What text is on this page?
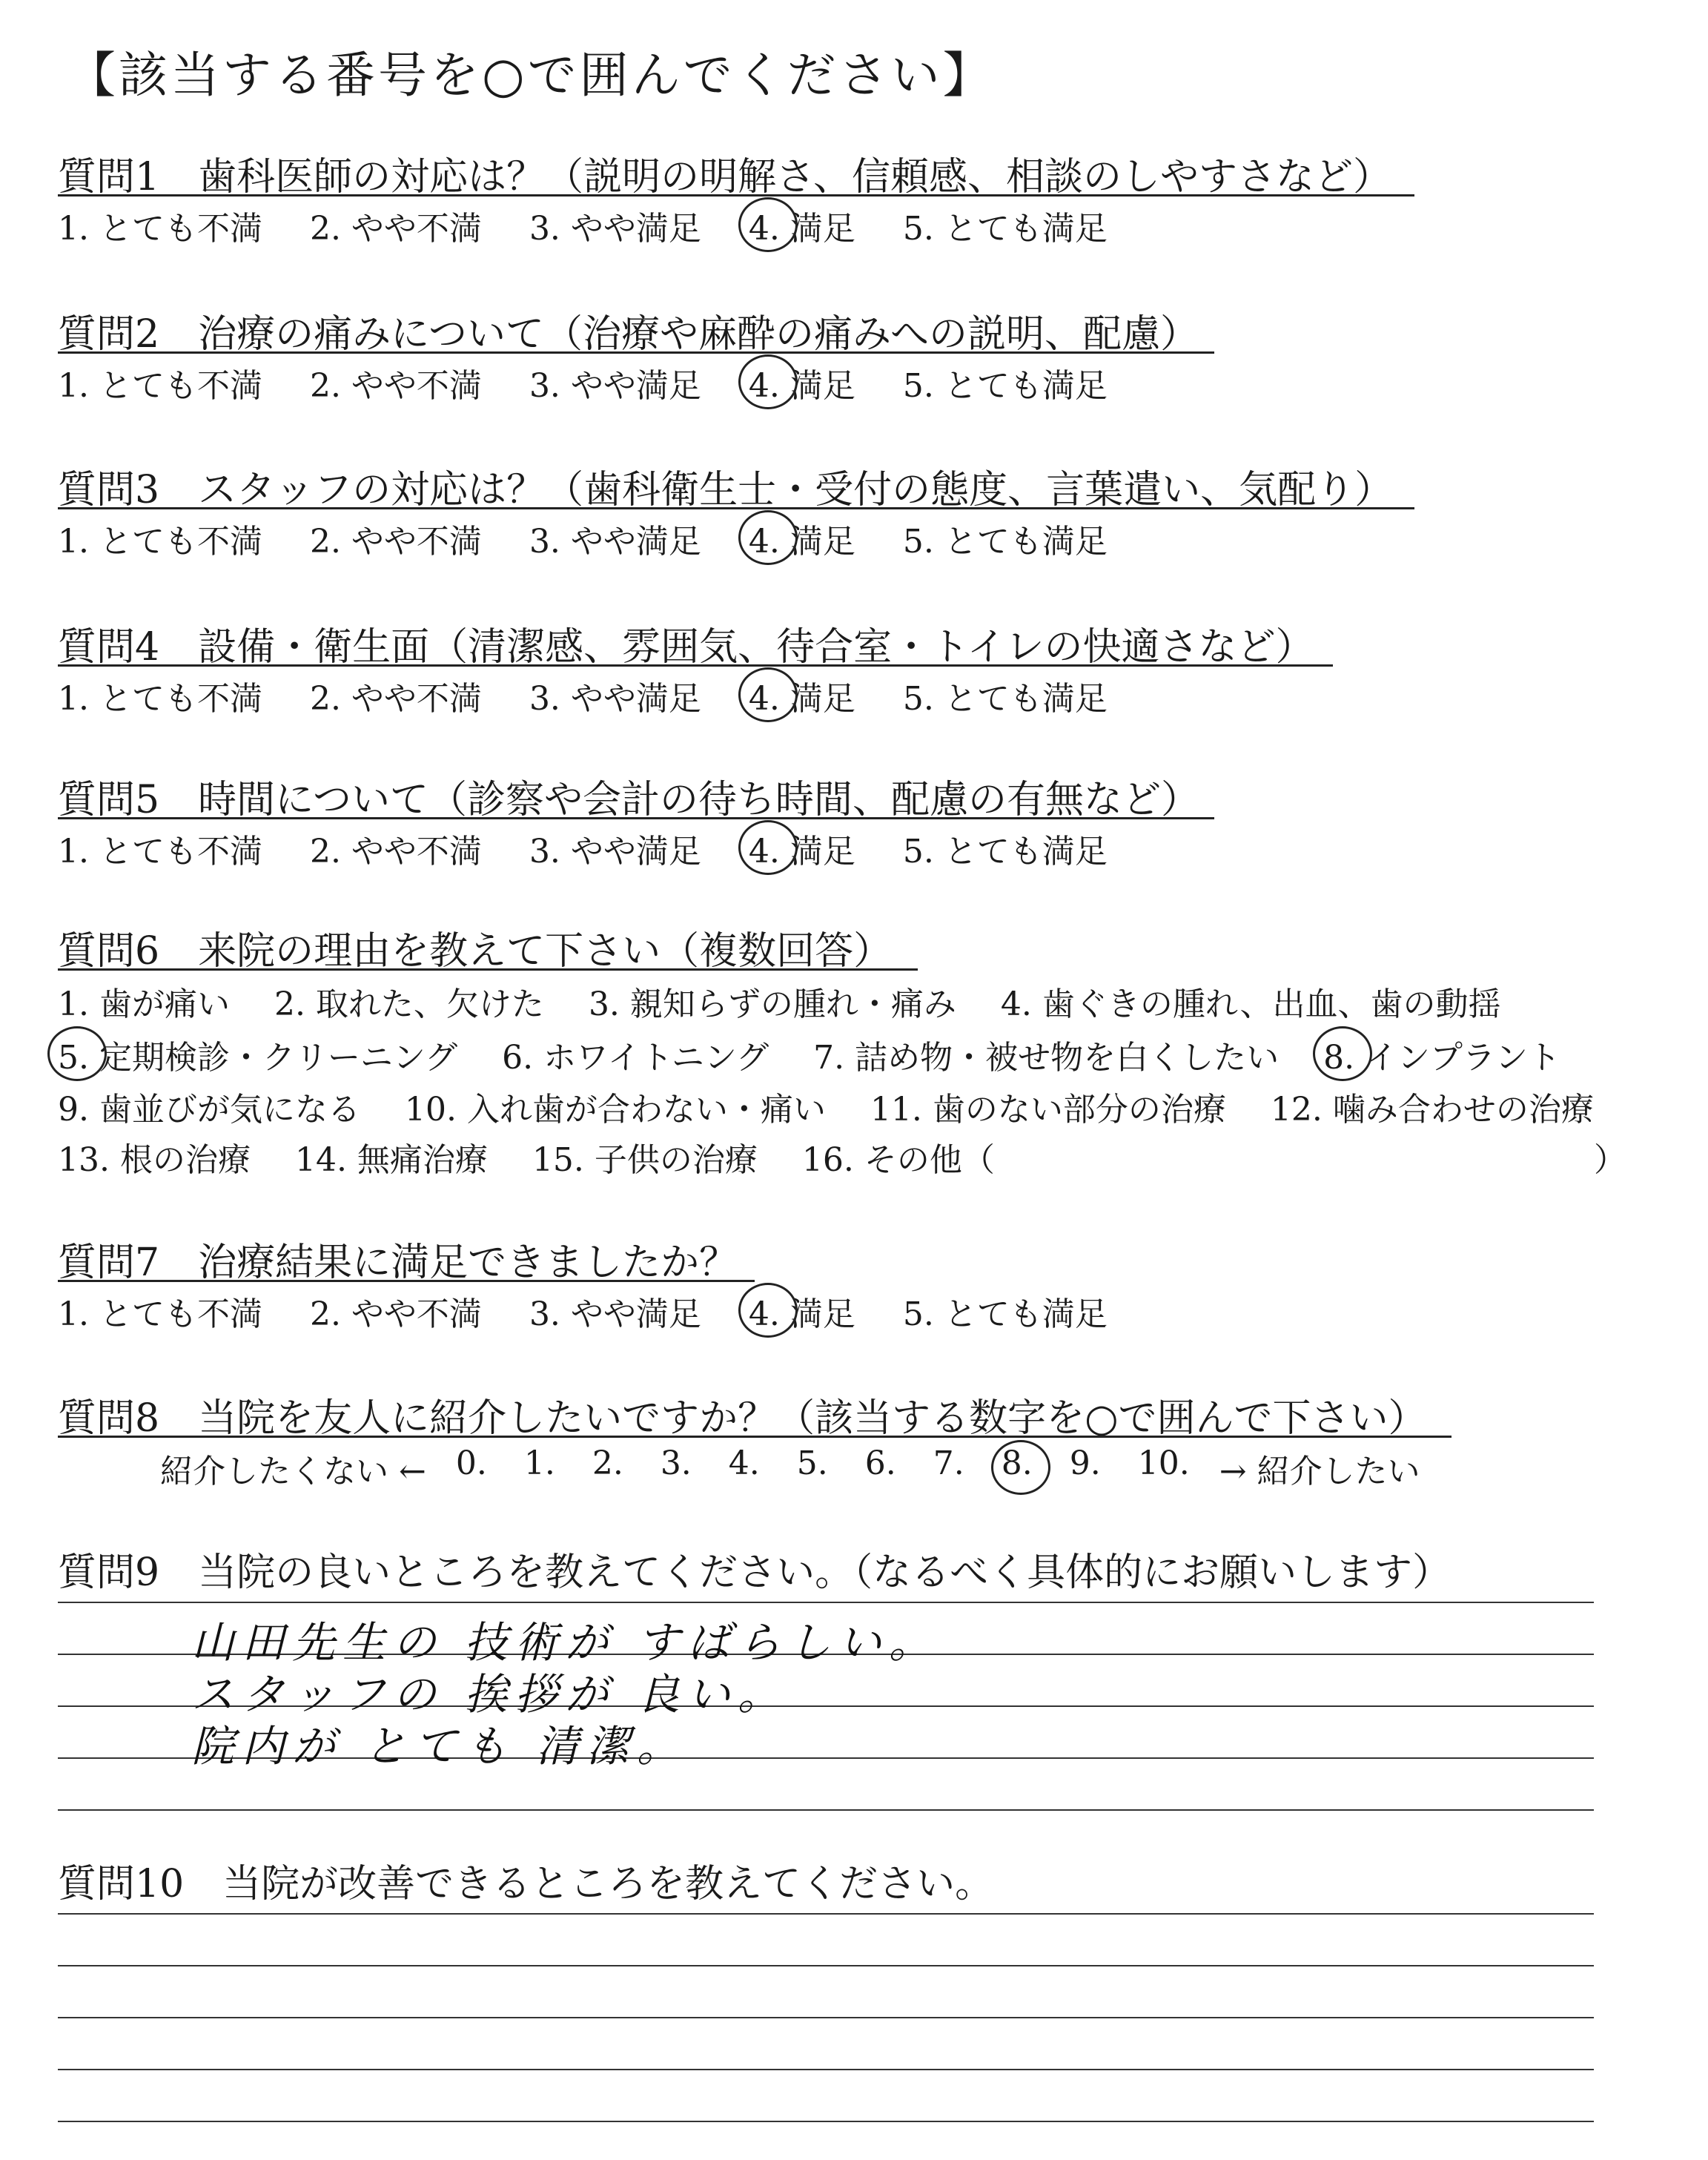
【該当する番号を○で囲んでください】
質問1　歯科医師の対応は？（説明の明解さ、信頼感、相談のしやすさなど）
1. とても不満 2. やや不満 3. やや満足 4. 満足 5. とても満足
質問2　治療の痛みについて（治療や麻酔の痛みへの説明、配慮）
1. とても不満 2. やや不満 3. やや満足 4. 満足 5. とても満足
質問3　スタッフの対応は？（歯科衛生士・受付の態度、言葉遣い、気配り）
1. とても不満 2. やや不満 3. やや満足 4. 満足 5. とても満足
質問4　設備・衛生面（清潔感、雰囲気、待合室・トイレの快適さなど）
1. とても不満 2. やや不満 3. やや満足 4. 満足 5. とても満足
質問5　時間について（診察や会計の待ち時間、配慮の有無など）
1. とても不満 2. やや不満 3. やや満足 4. 満足 5. とても満足
質問6　来院の理由を教えて下さい（複数回答）
1. 歯が痛い 2. 取れた、欠けた 3. 親知らずの腫れ・痛み 4. 歯ぐきの腫れ、出血、歯の動揺
5. 定期検診・クリーニング 6. ホワイトニング 7. 詰め物・被せ物を白くしたい 8. インプラント
9. 歯並びが気になる 10. 入れ歯が合わない・痛い 11. 歯のない部分の治療 12. 噛み合わせの治療
13. 根の治療 14. 無痛治療 15. 子供の治療 16. その他（	）
質問7　治療結果に満足できましたか？
1. とても不満 2. やや不満 3. やや満足 4. 満足 5. とても満足
質問8　当院を友人に紹介したいですか？（該当する数字を○で囲んで下さい）
紹介したくない ← 0. 1. 2. 3. 4. 5. 6. 7. 8. 9. 10. → 紹介したい
質問9　当院の良いところを教えてください。（なるべく具体的にお願いします）
山田先生の 技術が すばらしい。
スタッフの 挨拶が 良い。
院内が とても 清潔。
質問10　当院が改善できるところを教えてください。
